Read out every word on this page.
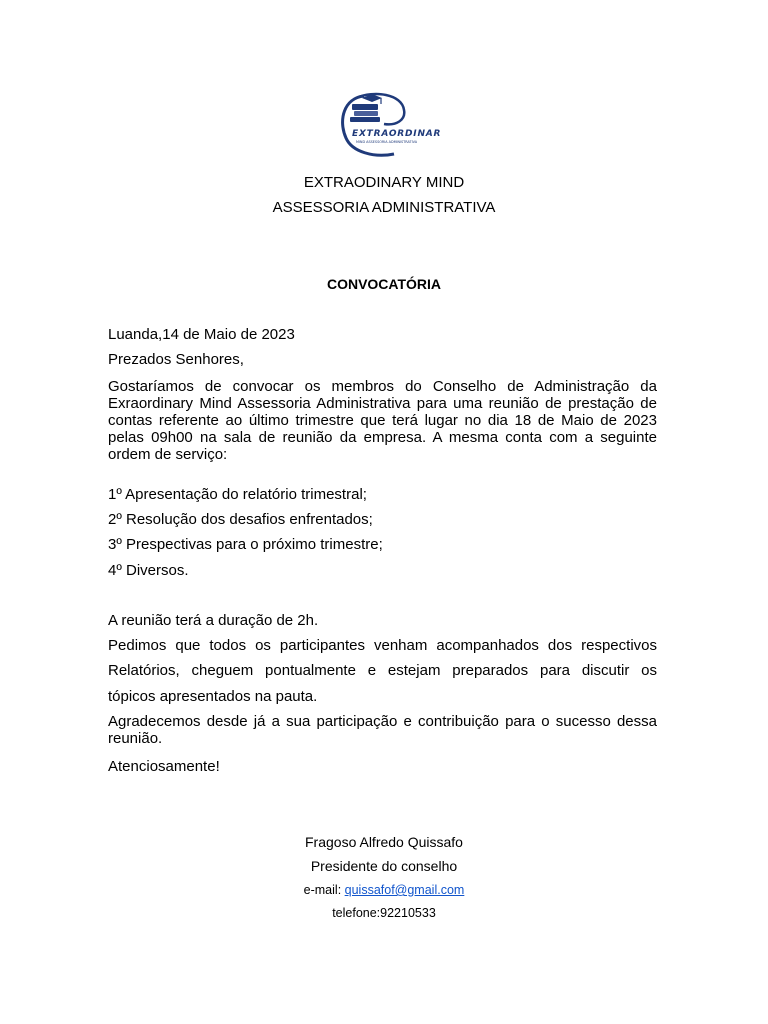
EXTRAORDINARY
MIND ASSESSORIA ADMINISTRATIVA
EXTRAODINARY MIND
ASSESSORIA ADMINISTRATIVA
CONVOCATÓRIA
Luanda,14 de Maio de 2023
Prezados Senhores,
Gostaríamos de convocar os membros do Conselho de Administração da
Exraordinary Mind Assessoria Administrativa para uma reunião de prestação de
contas referente ao último trimestre que terá lugar no dia 18 de Maio de 2023
pelas 09h00 na sala de reunião da empresa. A mesma conta com a seguinte
ordem de serviço:
1º Apresentação do relatório trimestral;
2º Resolução dos desafios enfrentados;
3º Prespectivas para o próximo trimestre;
4º Diversos.
A reunião terá a duração de 2h.
Pedimos que todos os participantes venham acompanhados dos respectivos
Relatórios, cheguem pontualmente e estejam preparados para discutir os
tópicos apresentados na pauta.
Agradecemos desde já a sua participação e contribuição para o sucesso dessa
reunião.
Atenciosamente!
Fragoso Alfredo Quissafo
Presidente do conselho
e-mail: quissafof@gmail.com
telefone:92210533
